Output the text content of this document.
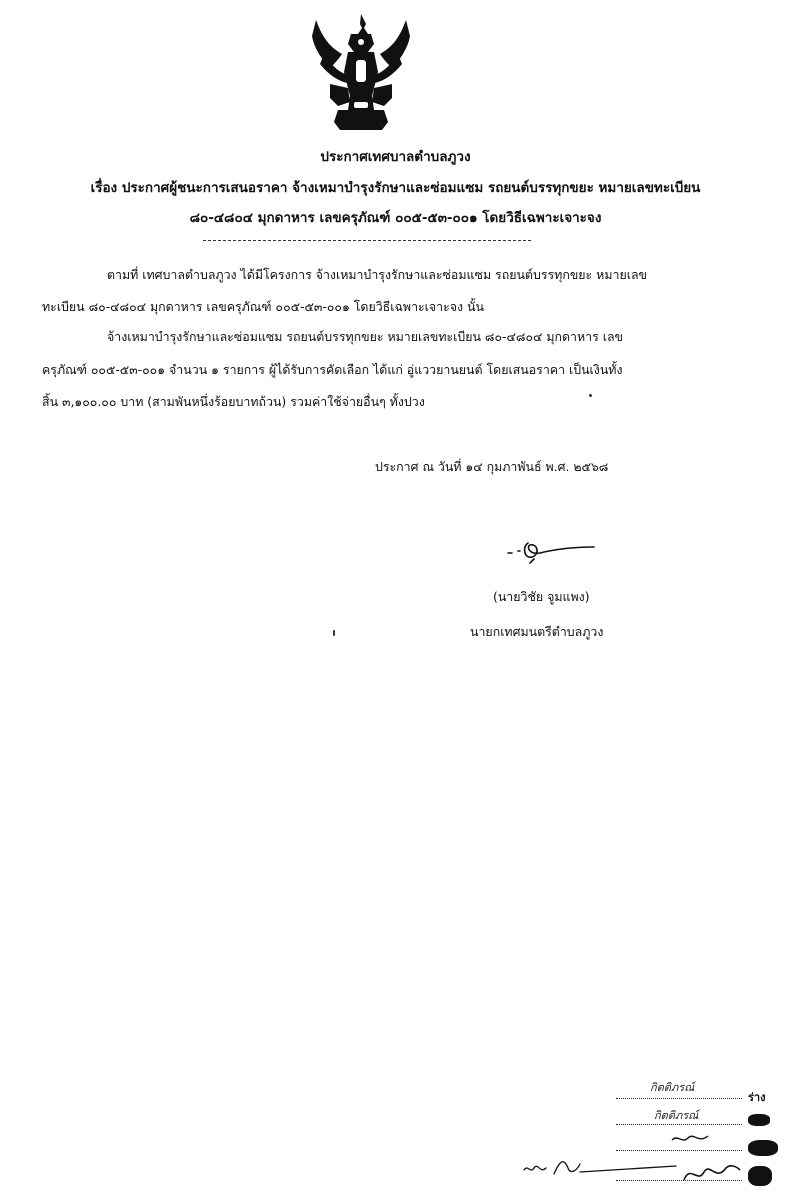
ประกาศเทศบาลตำบลภูวง
เรื่อง ประกาศผู้ชนะการเสนอราคา จ้างเหมาบำรุงรักษาและซ่อมแซม รถยนต์บรรทุกขยะ หมายเลขทะเบียน
๘๐-๔๘๐๔ มุกดาหาร เลขครุภัณฑ์ ๐๐๕-๕๓-๐๐๑ โดยวิธีเฉพาะเจาะจง
ตามที่ เทศบาลตำบลภูวง ได้มีโครงการ จ้างเหมาบำรุงรักษาและซ่อมแซม รถยนต์บรรทุกขยะ หมายเลข
ทะเบียน ๘๐-๔๘๐๔ มุกดาหาร เลขครุภัณฑ์ ๐๐๕-๕๓-๐๐๑ โดยวิธีเฉพาะเจาะจง นั้น
จ้างเหมาบำรุงรักษาและซ่อมแซม รถยนต์บรรทุกขยะ หมายเลขทะเบียน ๘๐-๔๘๐๔ มุกดาหาร เลข
ครุภัณฑ์ ๐๐๕-๕๓-๐๐๑ จำนวน ๑ รายการ ผู้ได้รับการคัดเลือก ได้แก่ อู่แววยานยนต์ โดยเสนอราคา เป็นเงินทั้ง
สิ้น ๓,๑๐๐.๐๐ บาท (สามพันหนึ่งร้อยบาทถ้วน) รวมค่าใช้จ่ายอื่นๆ ทั้งปวง
ประกาศ ณ วันที่ ๑๔ กุมภาพันธ์ พ.ศ. ๒๕๖๘
(นายวิชัย จูมแพง)
นายกเทศมนตรีตำบลภูวง
กิตติภรณ์
ร่าง
กิตติภรณ์
